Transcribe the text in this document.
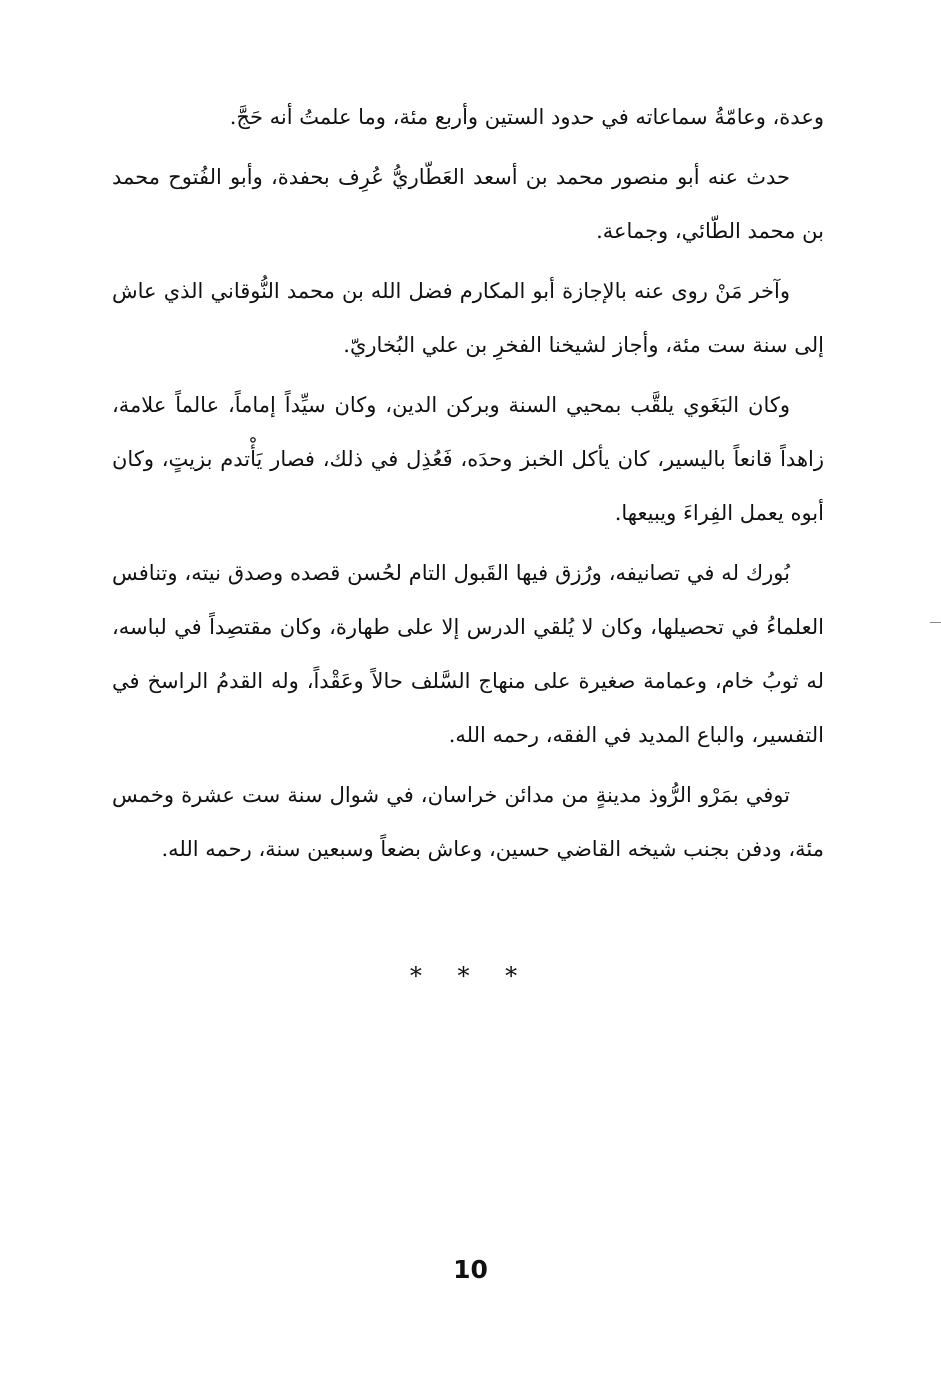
وعدة، وعامّةُ سماعاته في حدود الستين وأربع مئة، وما علمتُ أنه حَجَّ.

حدث عنه أبو منصور محمد بن أسعد العَطّاريُّ عُرِف بحفدة، وأبو الفُتوح محمد بن محمد الطّائي، وجماعة.

وآخر مَنْ روى عنه بالإجازة أبو المكارم فضل الله بن محمد النُّوقاني الذي عاش إلى سنة ست مئة، وأجاز لشيخنا الفخرِ بن علي البُخاريّ.

وكان البَغَوي يلقَّب بمحيي السنة وبركن الدين، وكان سيِّداً إماماً، عالماً علامة، زاهداً قانعاً باليسير، كان يأكل الخبز وحدَه، فَعُذِل في ذلك، فصار يَأْتدم بزيتٍ، وكان أبوه يعمل الفِراءَ ويبيعها.

بُورك له في تصانيفه، ورُزق فيها القَبول التام لحُسن قصده وصدق نيته، وتنافس العلماءُ في تحصيلها، وكان لا يُلقي الدرس إلا على طهارة، وكان مقتصِداً في لباسه، له ثوبُ خام، وعمامة صغيرة على منهاج السَّلف حالاً وعَقْداً، وله القدمُ الراسخ في التفسير، والباع المديد في الفقه، رحمه الله.

توفي بمَرْو الرُّوذ مدينةٍ من مدائن خراسان، في شوال سنة ست عشرة وخمس مئة، ودفن بجنب شيخه القاضي حسين، وعاش بضعاً وسبعين سنة، رحمه الله.

* * *
10
